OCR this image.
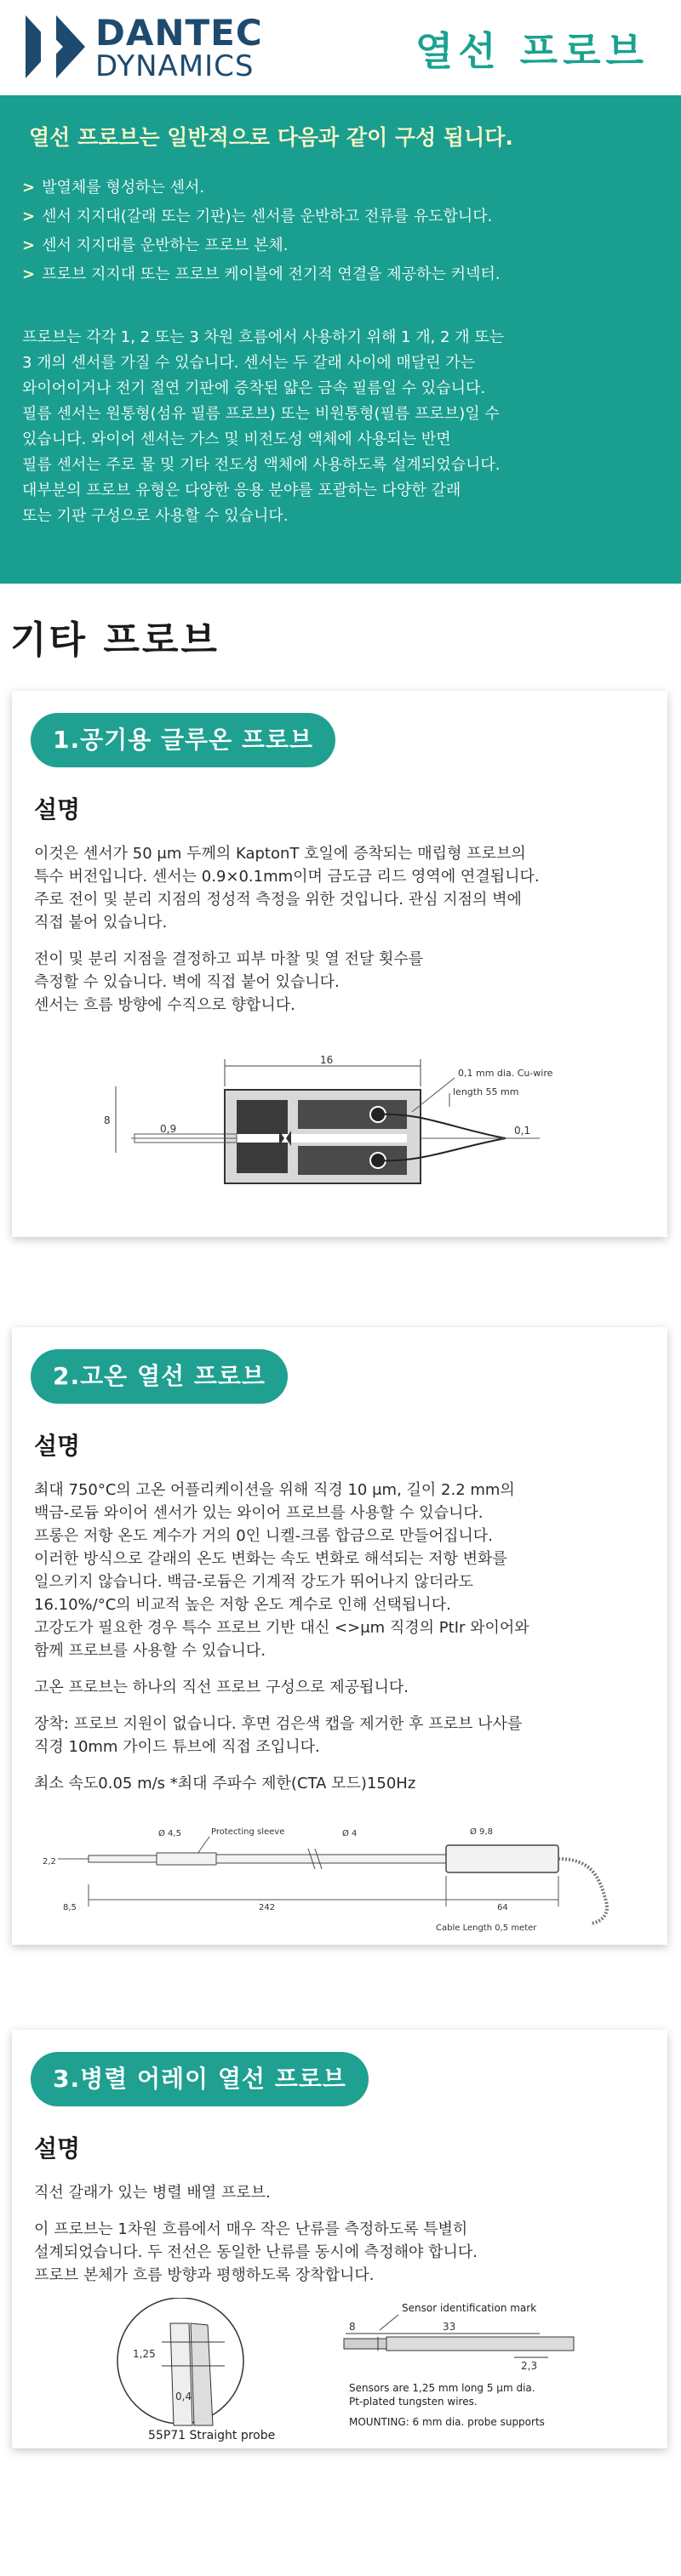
DANTEC
DYNAMICS	열선 프로브
열선 프로브는 일반적으로 다음과 같이 구성 됩니다.
> 발열체를 형성하는 센서.
> 센서 지지대(갈래 또는 기판)는 센서를 운반하고 전류를 유도합니다.
> 센서 지지대를 운반하는 프로브 본체.
> 프로브 지지대 또는 프로브 케이블에 전기적 연결을 제공하는 커넥터.
프로브는 각각 1, 2 또는 3 차원 흐름에서 사용하기 위해 1 개, 2 개 또는
3 개의 센서를 가질 수 있습니다. 센서는 두 갈래 사이에 매달린 가는
와이어이거나 전기 절연 기판에 증착된 얇은 금속 필름일 수 있습니다.
필름 센서는 원통형(섬유 필름 프로브) 또는 비원통형(필름 프로브)일 수
있습니다. 와이어 센서는 가스 및 비전도성 액체에 사용되는 반면
필름 센서는 주로 물 및 기타 전도성 액체에 사용하도록 설계되었습니다.
대부분의 프로브 유형은 다양한 응용 분야를 포괄하는 다양한 갈래
또는 기판 구성으로 사용할 수 있습니다.
기타 프로브
1.공기용 글루온 프로브
설명

이것은 센서가 50 μm 두께의 KaptonT 호일에 증착되는 매립형 프로브의
특수 버전입니다. 센서는 0.9×0.1mm이며 금도금 리드 영역에 연결됩니다.
주로 전이 및 분리 지점의 정성적 측정을 위한 것입니다. 관심 지점의 벽에
직접 붙어 있습니다.

전이 및 분리 지점을 결정하고 피부 마찰 및 열 전달 횟수를
측정할 수 있습니다. 벽에 직접 붙어 있습니다.
센서는 흐름 방향에 수직으로 향합니다.

16
8
0,9	0,1
0,1 mm dia. Cu-wire
length 55 mm
2.고온 열선 프로브
설명

최대 750°C의 고온 어플리케이션을 위해 직경 10 μm, 길이 2.2 mm의
백금-로듐 와이어 센서가 있는 와이어 프로브를 사용할 수 있습니다.
프롱은 저항 온도 계수가 거의 0인 니켈-크롬 합금으로 만들어집니다.
이러한 방식으로 갈래의 온도 변화는 속도 변화로 해석되는 저항 변화를
일으키지 않습니다. 백금-로듐은 기계적 강도가 뛰어나지 않더라도
16.10%/°C의 비교적 높은 저항 온도 계수로 인해 선택됩니다.
고강도가 필요한 경우 특수 프로브 기반 대신 <>μm 직경의 PtIr 와이어와
함께 프로브를 사용할 수 있습니다.

고온 프로브는 하나의 직선 프로브 구성으로 제공됩니다.

장착: 프로브 지원이 없습니다. 후면 검은색 캡을 제거한 후 프로브 나사를
직경 10mm 가이드 튜브에 직접 조입니다.

최소 속도0.05 m/s *최대 주파수 제한(CTA 모드)150Hz

Ø 4,5	Protecting sleeve	Ø 4	Ø 9,8
2,2
8,5	242	64
Cable Length 0,5 meter
3.병렬 어레이 열선 프로브
설명

직선 갈래가 있는 병렬 배열 프로브.

이 프로브는 1차원 흐름에서 매우 작은 난류를 측정하도록 특별히
설계되었습니다. 두 전선은 동일한 난류를 동시에 측정해야 합니다.
프로브 본체가 흐름 방향과 평행하도록 장착합니다.

1,25
0,4
55P71 Straight probe
Sensor identification mark
8	33
2,3
Sensors are 1,25 mm long 5 μm dia.
Pt-plated tungsten wires.
MOUNTING: 6 mm dia. probe supports
